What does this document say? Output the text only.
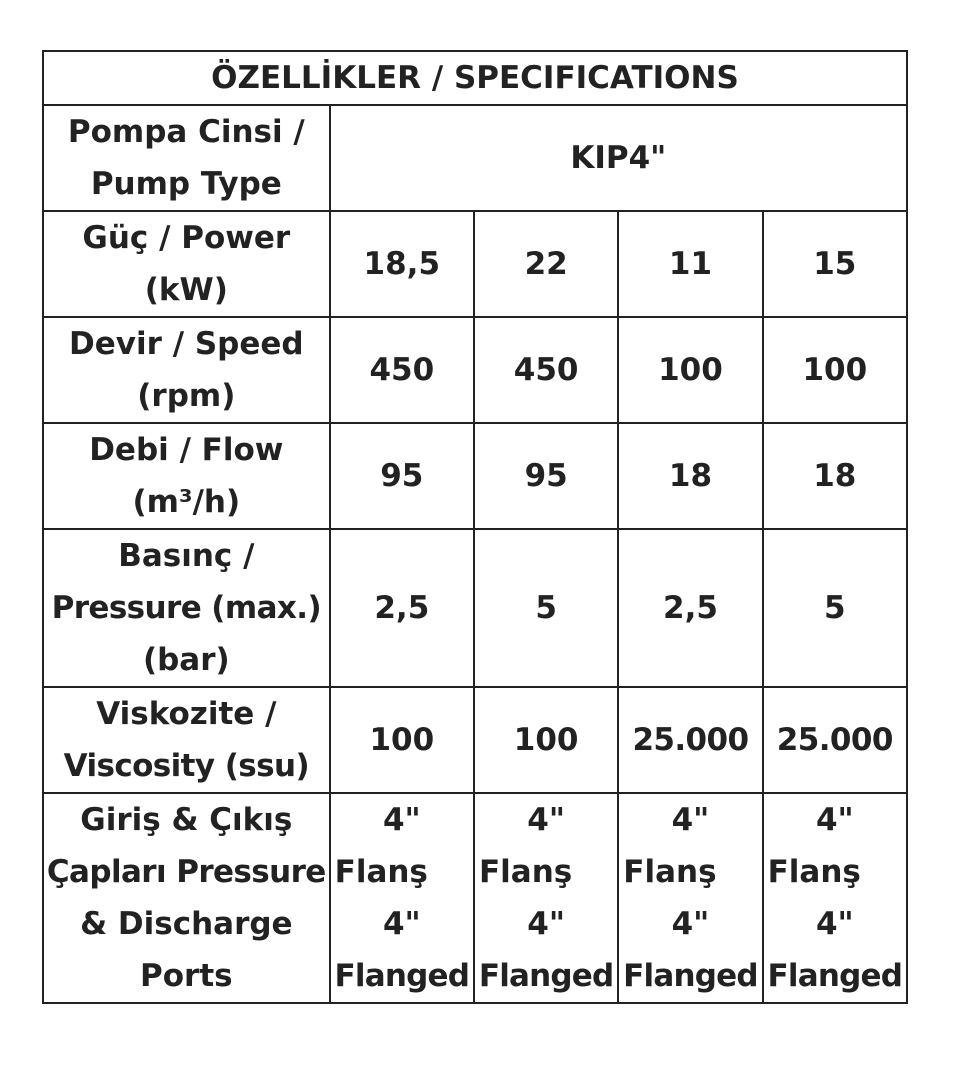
ÖZELLİKLER / SPECIFICATIONS				

Pompa Cinsi /
Pump Type	KIP4"			

Güç / Power
(kW)	18,5	22	11	15

Devir / Speed
(rpm)	450	450	100	100

Debi / Flow
(m³/h)	95	95	18	18

Basınç /
Pressure (max.)
(bar)	2,5	5	2,5	5

Viskozite /
Viscosity (ssu)	100	100	25.000	25.000

Giriş & Çıkış
Çapları Pressure
& Discharge
Ports	4"
Flanş
4"
Flanged	4"
Flanş
4"
Flanged	4"
Flanş
4"
Flanged	4"
Flanş
4"
Flanged
